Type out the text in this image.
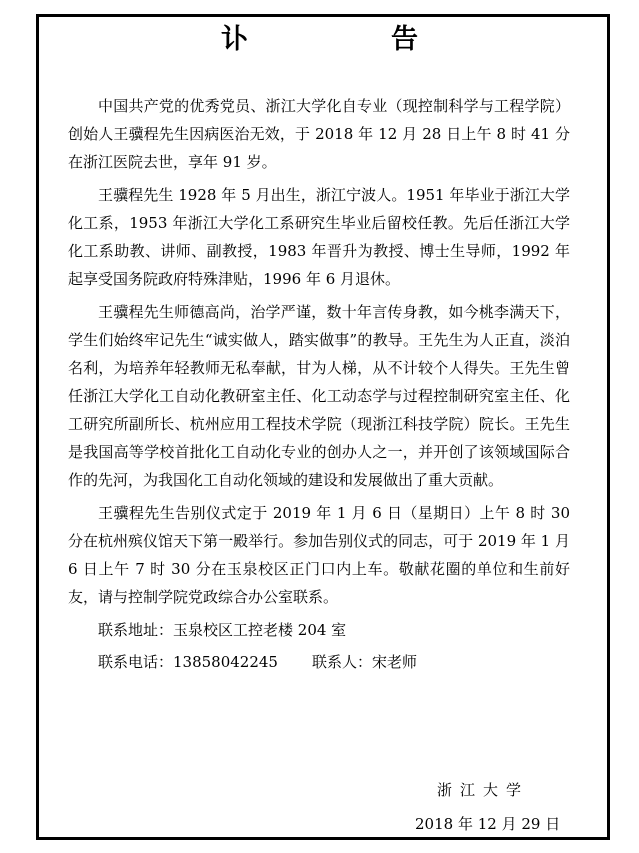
讣　告

中国共产党的优秀党员、浙江大学化自专业（现控制科学与工程学院）创始人王骥程先生因病医治无效，于 2018 年 12 月 28 日上午 8 时 41 分在浙江医院去世，享年 91 岁。

王骥程先生 1928 年 5 月出生，浙江宁波人。1951 年毕业于浙江大学化工系，1953 年浙江大学化工系研究生毕业后留校任教。先后任浙江大学化工系助教、讲师、副教授，1983 年晋升为教授、博士生导师，1992 年起享受国务院政府特殊津贴，1996 年 6 月退休。

王骥程先生师德高尚，治学严谨，数十年言传身教，如今桃李满天下，学生们始终牢记先生“诚实做人，踏实做事”的教导。王先生为人正直，淡泊名利，为培养年轻教师无私奉献，甘为人梯，从不计较个人得失。王先生曾任浙江大学化工自动化教研室主任、化工动态学与过程控制研究室主任、化工研究所副所长、杭州应用工程技术学院（现浙江科技学院）院长。王先生是我国高等学校首批化工自动化专业的创办人之一，并开创了该领域国际合作的先河，为我国化工自动化领域的建设和发展做出了重大贡献。

王骥程先生告别仪式定于 2019 年 1 月 6 日（星期日）上午 8 时 30 分在杭州殡仪馆天下第一殿举行。参加告别仪式的同志，可于 2019 年 1 月 6 日上午 7 时 30 分在玉泉校区正门口内上车。敬献花圈的单位和生前好友，请与控制学院党政综合办公室联系。

联系地址：玉泉校区工控老楼 204 室
联系电话：13858042245 联系人：宋老师
浙江大学
2018 年 12 月 29 日
